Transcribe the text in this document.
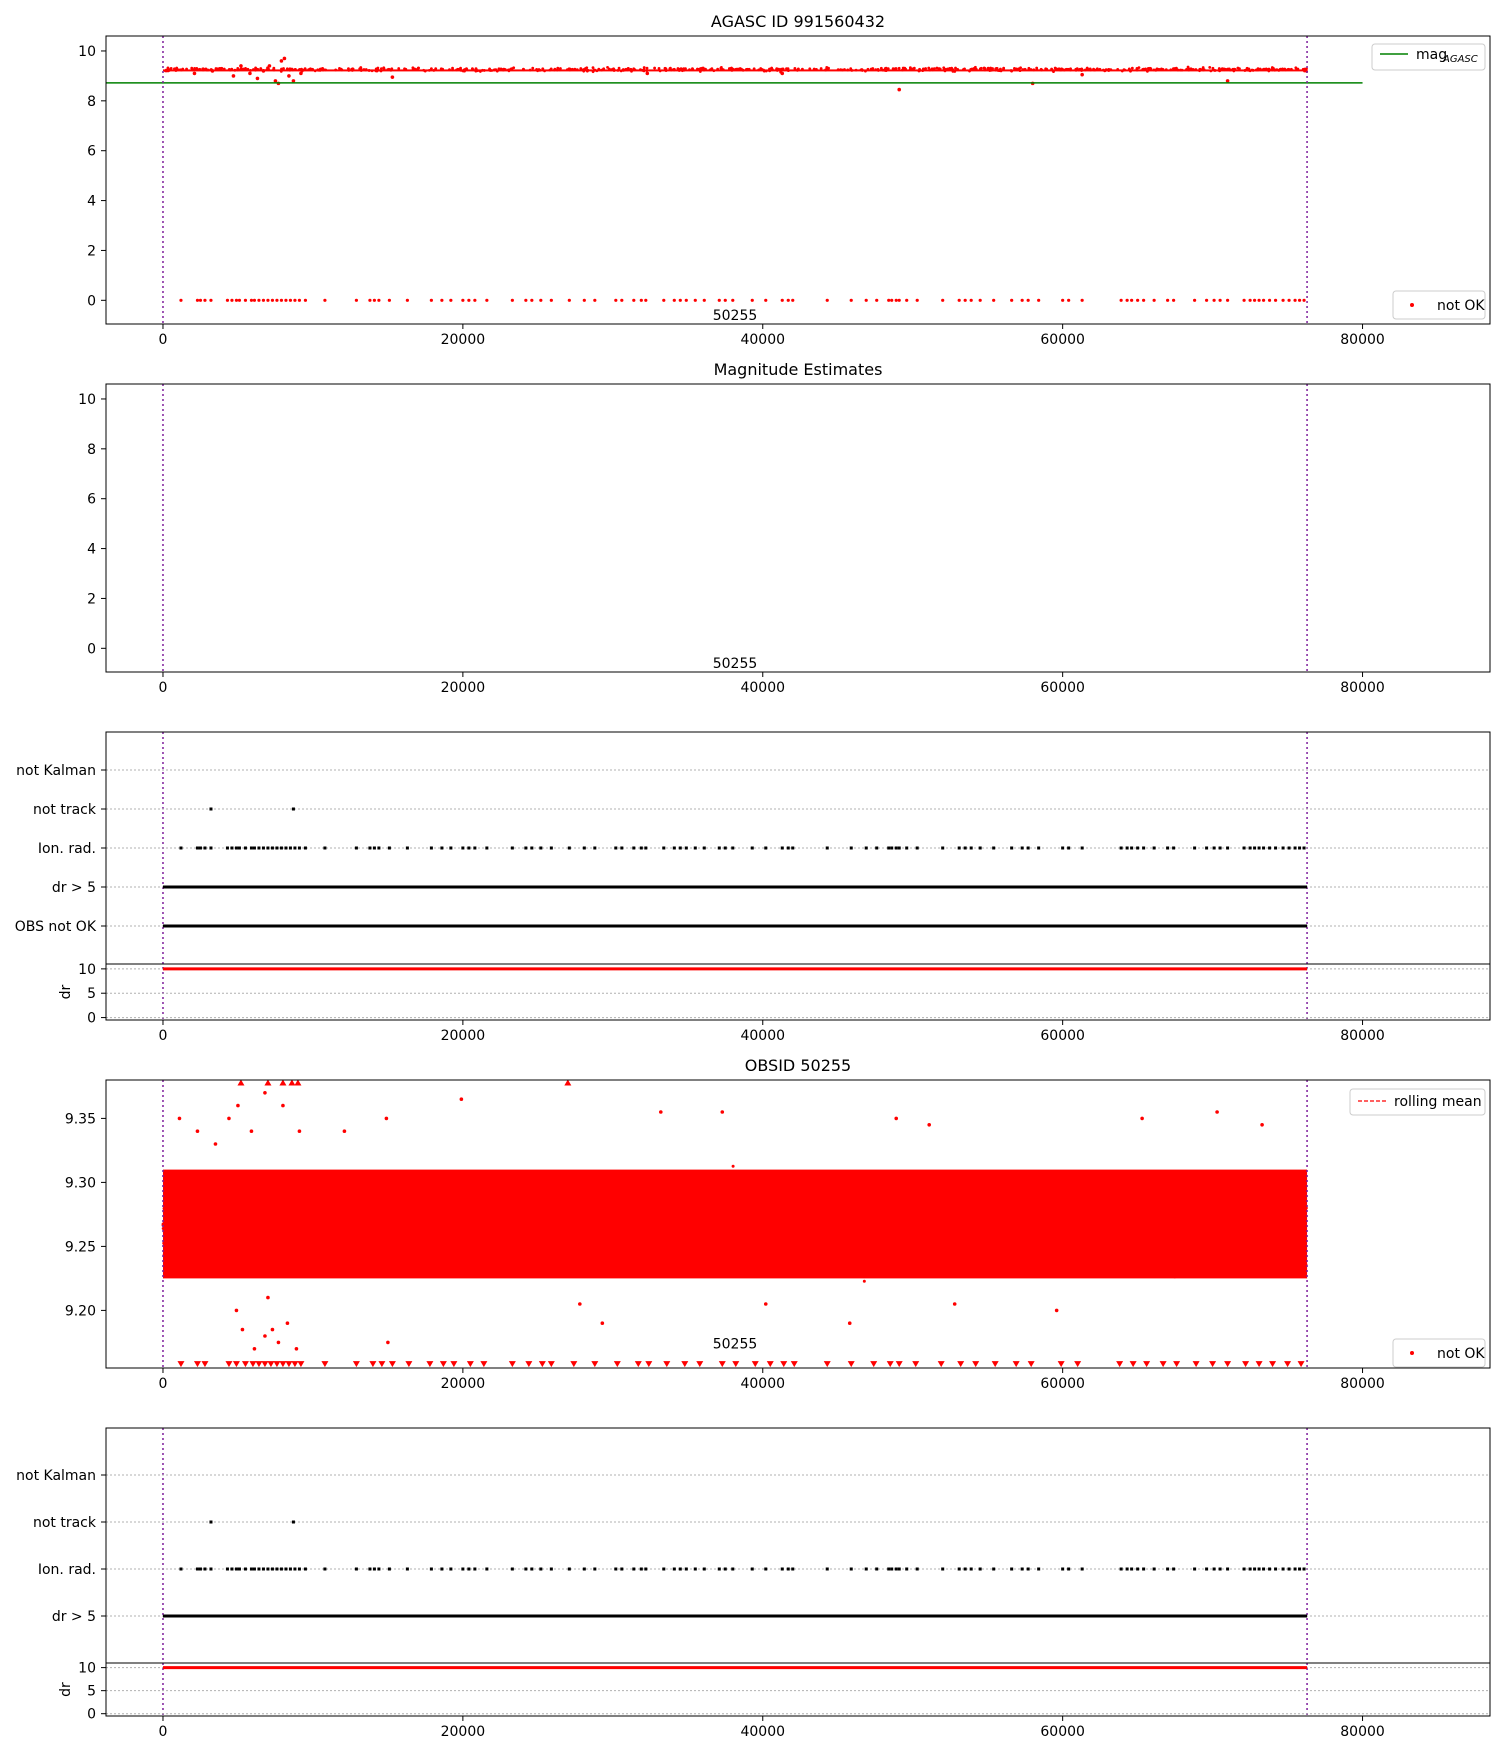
AGASC ID 991560432
0
2
4
6
8
10
0	20000	40000	60000	80000
50255
mag
AGASC
not OK
Magnitude Estimates
0
2
4
6
8
10
0	20000	40000	60000	80000
50255
0	20000	40000	60000	80000
not Kalman
not track
Ion. rad.
dr > 5
OBS not OK
0
5
10
dr
OBSID 50255
9.20
9.25
9.30
9.35
0	20000	40000	60000	80000
50255
rolling mean
not OK
0	20000	40000	60000	80000
not Kalman
not track
Ion. rad.
dr > 5
0
5
10
dr
